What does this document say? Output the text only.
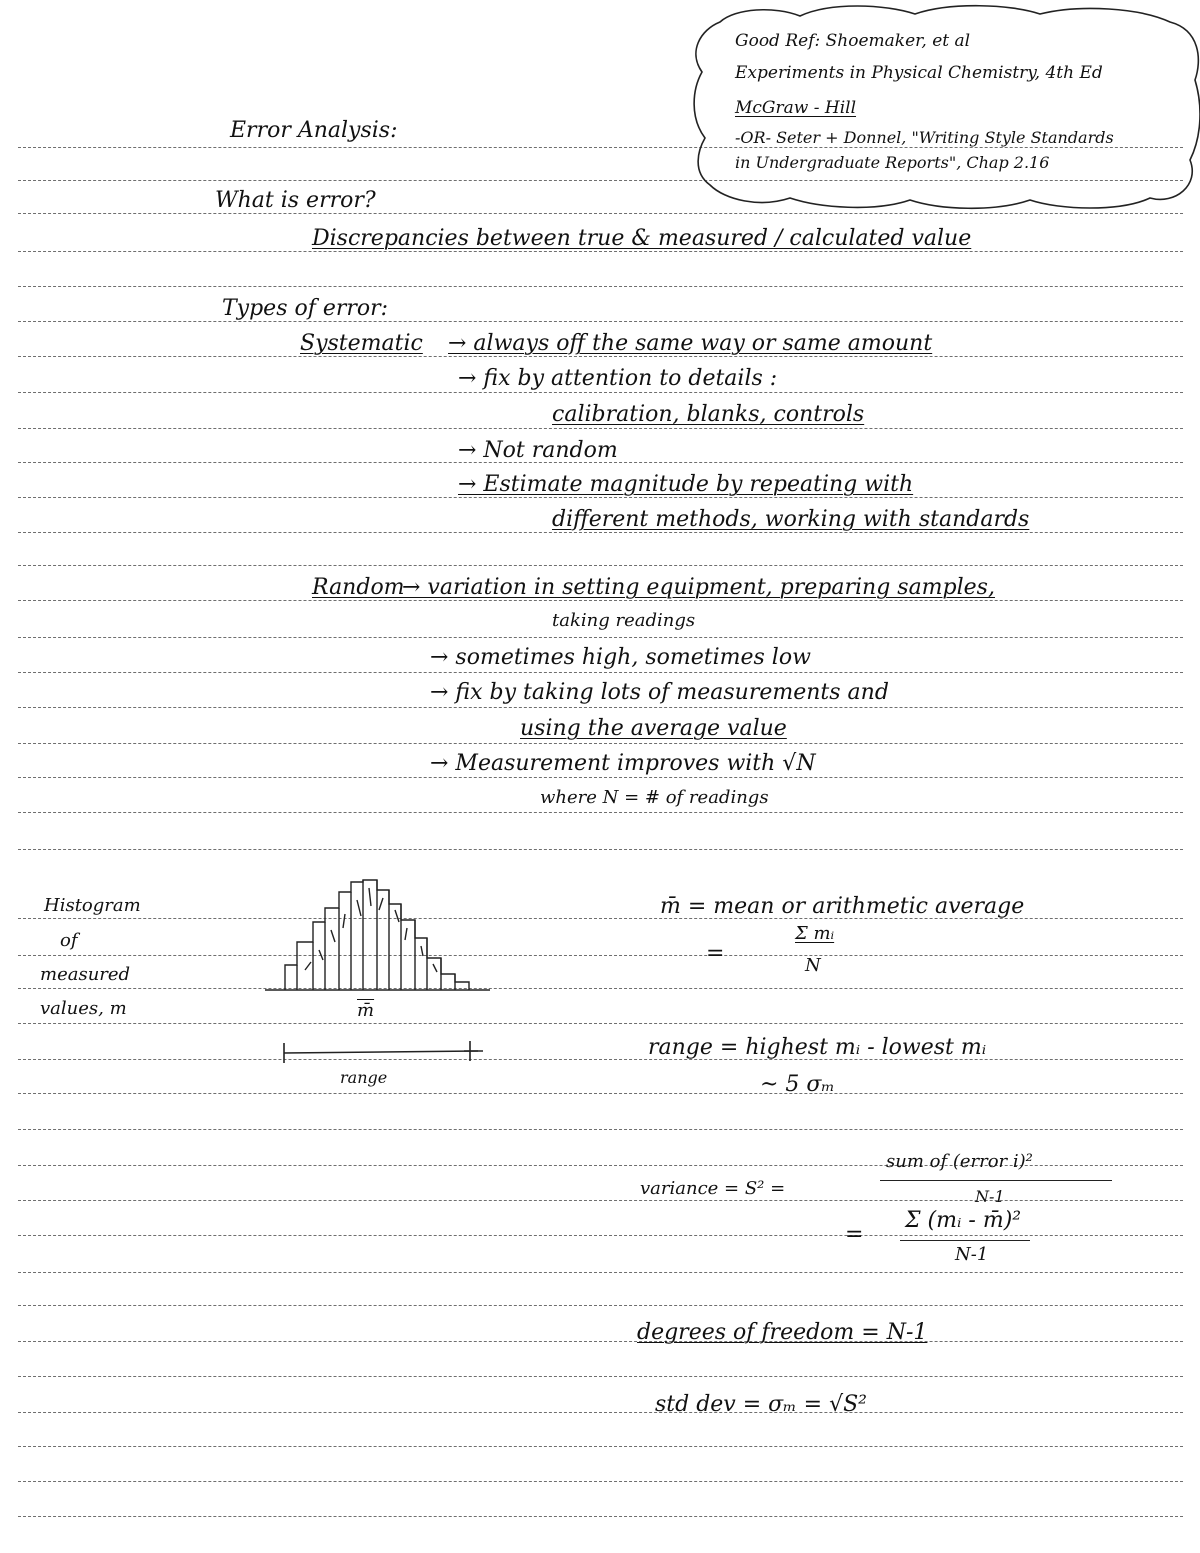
Good Ref: Shoemaker, et al
Experiments in Physical Chemistry, 4th Ed
McGraw - Hill
-OR- Seter + Donnel, "Writing Style Standards
in Undergraduate Reports", Chap 2.16
Error Analysis:
What is error?
Discrepancies between true & measured / calculated value
Types of error:
Systematic → always off the same way or same amount
→ fix by attention to details :
calibration, blanks, controls
→ Not random
→ Estimate magnitude by repeating with
different methods, working with standards
Random
→ variation in setting equipment, preparing samples,
taking readings
→ sometimes high, sometimes low
→ fix by taking lots of measurements and
using the average value
→ Measurement improves with √N
where N = # of readings
Histogram
of
measured
values, m	m̄
range
m̄ = mean or arithmetic average
=
Σ mᵢ
N
range = highest mᵢ - lowest mᵢ
~ 5 σₘ
variance = S² =
sum of (error i)²
N-1
=
Σ (mᵢ - m̄)²
N-1
degrees of freedom = N-1
std dev = σₘ = √S²
